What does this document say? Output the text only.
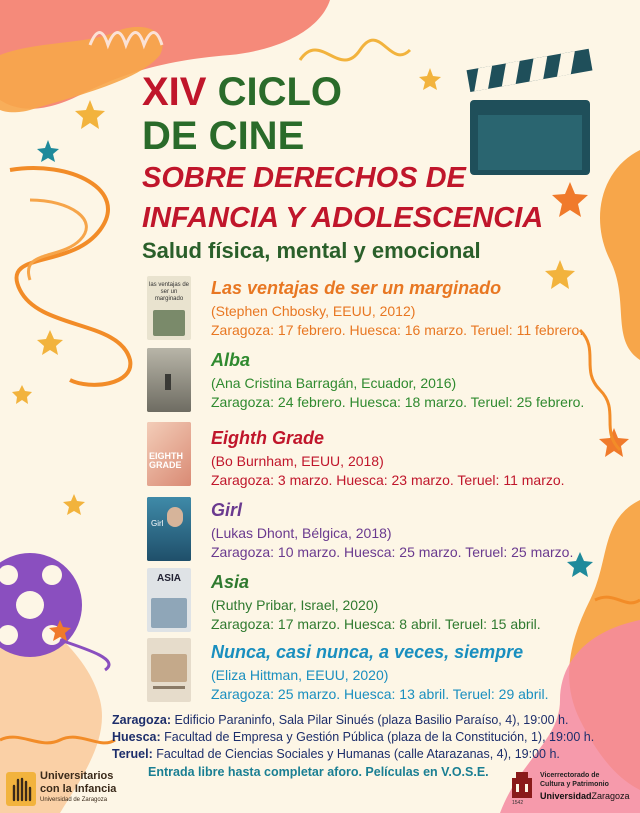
XIV CICLO
DE CINE
SOBRE DERECHOS DE
INFANCIA Y ADOLESCENCIA
Salud física, mental y emocional
las ventajas de ser un marginado
Las ventajas de ser un marginado
(Stephen Chbosky, EEUU, 2012)
Zaragoza: 17 febrero. Huesca: 16 marzo. Teruel: 11 febrero.
Alba
(Ana Cristina Barragán, Ecuador, 2016)
Zaragoza: 24 febrero. Huesca: 18 marzo. Teruel: 25 febrero.
EIGHTH GRADE
Eighth Grade
(Bo Burnham, EEUU, 2018)
Zaragoza: 3 marzo. Huesca: 23 marzo. Teruel: 11 marzo.
Girl
Girl
(Lukas Dhont, Bélgica, 2018)
Zaragoza: 10 marzo. Huesca: 25 marzo. Teruel: 25 marzo.
ASIA	Asia
(Ruthy Pribar, Israel, 2020)
Zaragoza: 17 marzo. Huesca: 8 abril. Teruel: 15 abril.
Nunca, casi nunca, a veces, siempre
(Eliza Hittman, EEUU, 2020)
Zaragoza: 25 marzo. Huesca: 13 abril. Teruel: 29 abril.
Zaragoza: Edificio Paraninfo, Sala Pilar Sinués (plaza Basilio Paraíso, 4), 19:00 h.
Huesca: Facultad de Empresa y Gestión Pública (plaza de la Constitución, 1), 19:00 h.
Teruel: Facultad de Ciencias Sociales y Humanas (calle Atarazanas, 4), 19:00 h.
Entrada libre hasta completar aforo. Películas en V.O.S.E.
Universitarios
con la Infancia
Universidad de Zaragoza	1542
Vicerrectorado de
Cultura y Patrimonio
UniversidadZaragoza
